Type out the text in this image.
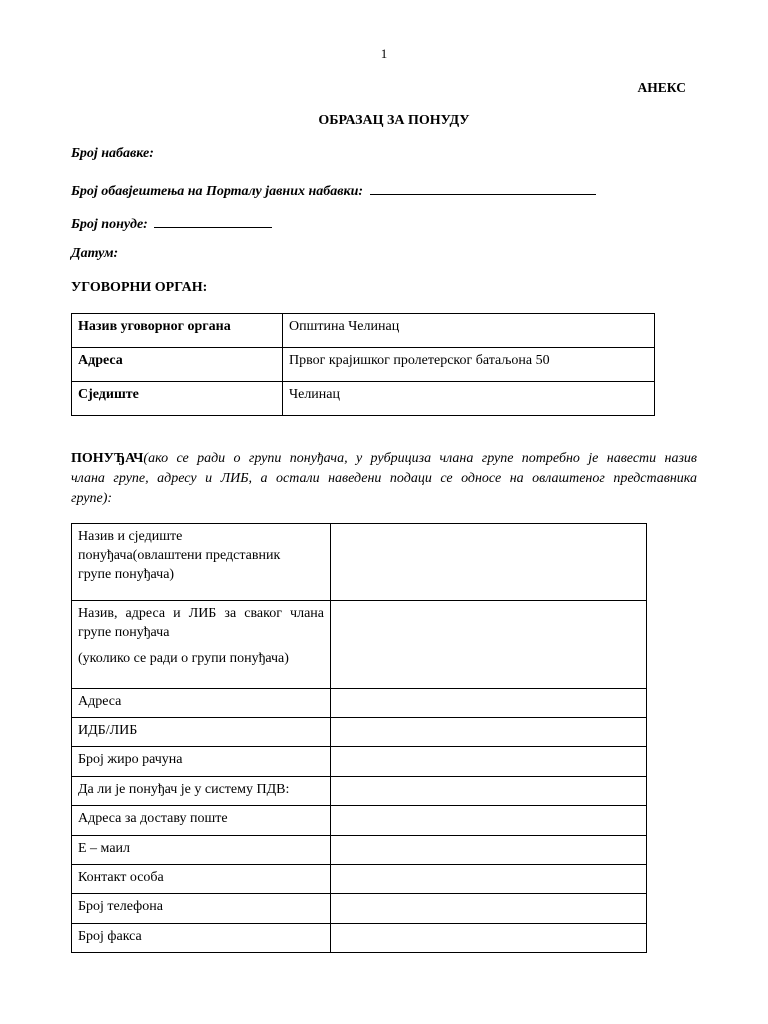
1
АНЕКС
ОБРАЗАЦ ЗА ПОНУДУ
Број набавке:
Број обавјештења на Порталу јавних набавки:
Број понуде:
Датум:
УГОВОРНИ ОРГАН:
Назив уговорног органа	Општина Челинац
Адреса	Првог крајишког пролетерског батаљона 50
Сједиште	Челинац
ПОНУЂАЧ(ако се ради о групи понуђача, у рубрицизa члана групе потребно је навести назив
члана групе, адресу и ЛИБ, а остали наведени подаци се односе на овлаштеног представника
групе):
Назив и сједиште
понуђача(овлаштени представник
групе понуђача)	

Назив, адреса и ЛИБ за сваког члана
групе понуђача
(уколико се ради о групи понуђача)	

Адреса	
ИДБ/ЛИБ	
Број жиро рачуна	
Да ли је понуђач је у систему ПДВ:	
Адреса за доставу поште	
Е – маил	
Контакт особа	
Број телефона	
Број факса	
